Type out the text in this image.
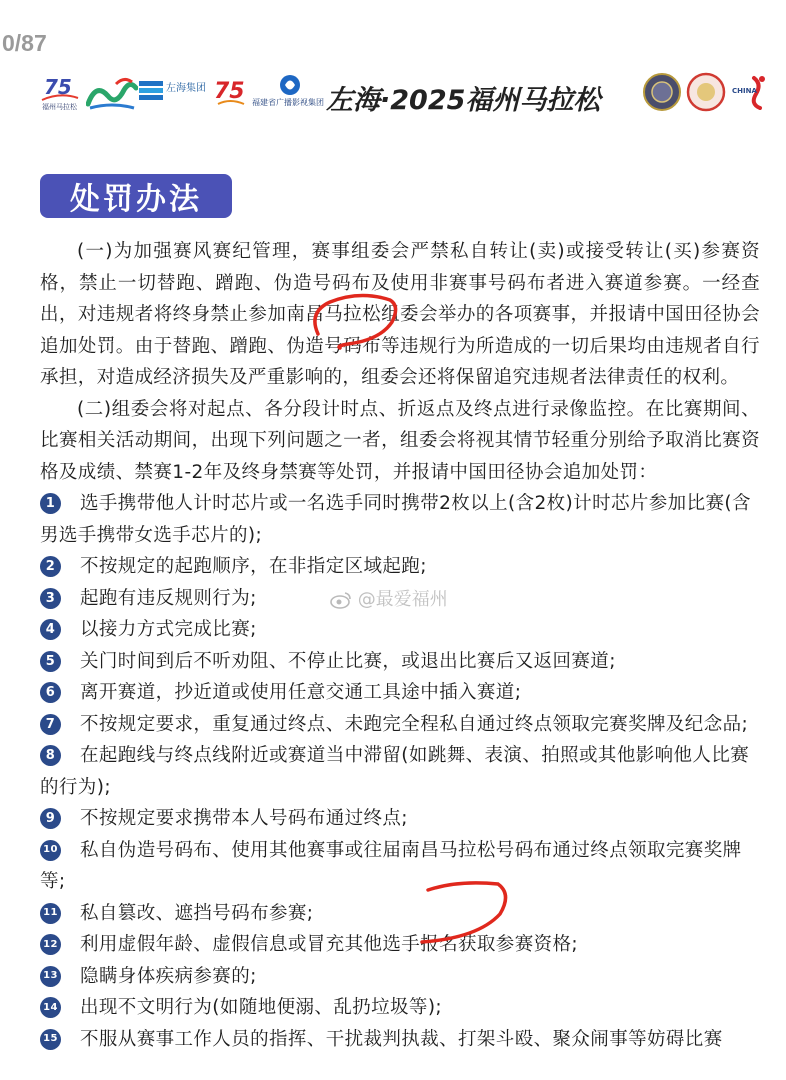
0/87
75
福州马拉松
左海集团 75 福建省广播影视集团
CHINA
左海·2025福州马拉松
处罚办法

(一)为加强赛风赛纪管理，赛事组委会严禁私自转让(卖)或接受转让(买)参赛资格，禁止一切替跑、蹭跑、伪造号码布及使用非赛事号码布者进入赛道参赛。一经查出，对违规者将终身禁止参加南昌马拉松组委会举办的各项赛事，并报请中国田径协会追加处罚。由于替跑、蹭跑、伪造号码布等违规行为所造成的一切后果均由违规者自行承担，对造成经济损失及严重影响的，组委会还将保留追究违规者法律责任的权利。

(二)组委会将对起点、各分段计时点、折返点及终点进行录像监控。在比赛期间、比赛相关活动期间，出现下列问题之一者，组委会将视其情节轻重分别给予取消比赛资格及成绩、禁赛1-2年及终身禁赛等处罚，并报请中国田径协会追加处罚：

1	选手携带他人计时芯片或一名选手同时携带2枚以上(含2枚)计时芯片参加比赛(含男选手携带女选手芯片的);
2	不按规定的起跑顺序，在非指定区域起跑;
3	起跑有违反规则行为;
4	以接力方式完成比赛;
5	关门时间到后不听劝阻、不停止比赛，或退出比赛后又返回赛道;
6	离开赛道，抄近道或使用任意交通工具途中插入赛道;
7	不按规定要求，重复通过终点、未跑完全程私自通过终点领取完赛奖牌及纪念品;
8	在起跑线与终点线附近或赛道当中滞留(如跳舞、表演、拍照或其他影响他人比赛的行为);
9	不按规定要求携带本人号码布通过终点;
10 私自伪造号码布、使用其他赛事或往届南昌马拉松号码布通过终点领取完赛奖牌等;
11 私自篡改、遮挡号码布参赛;
12 利用虚假年龄、虚假信息或冒充其他选手报名获取参赛资格;
13 隐瞒身体疾病参赛的;
14 出现不文明行为(如随地便溺、乱扔垃圾等);
15 不服从赛事工作人员的指挥、干扰裁判执裁、打架斗殴、聚众闹事等妨碍比赛
@最爱福州
